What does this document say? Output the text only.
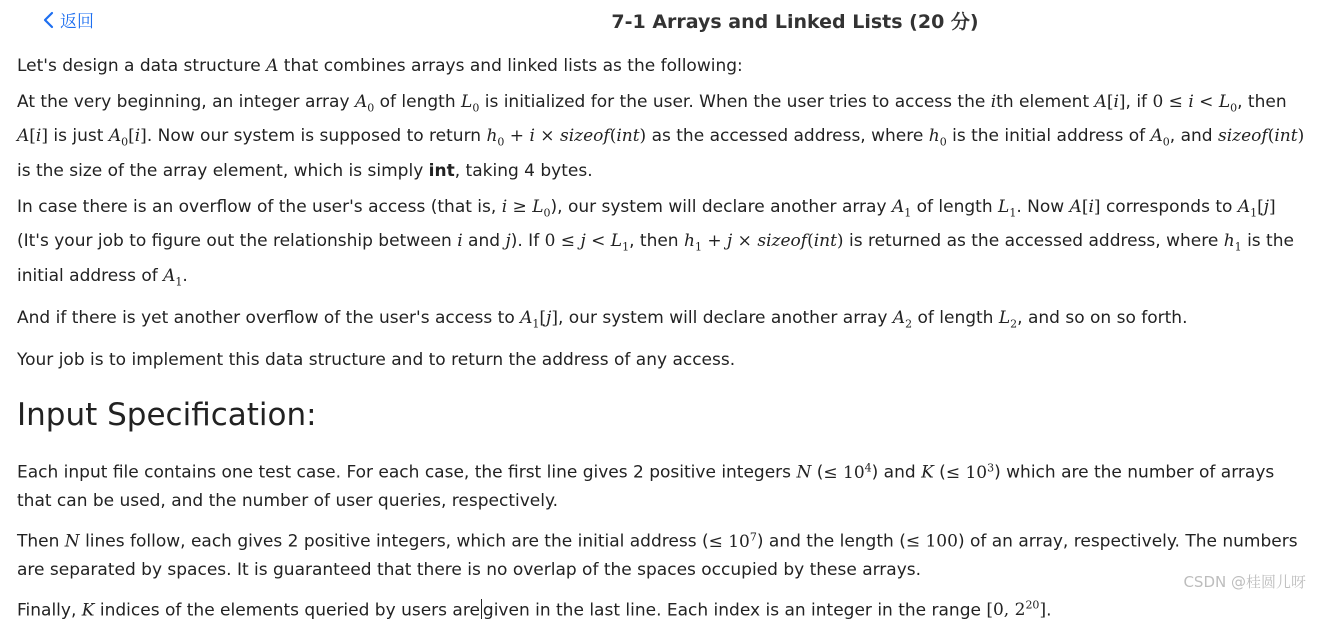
返回	7-1 Arrays and Linked Lists (20 分)

Let's design a data structure A that combines arrays and linked lists as the following:

At the very beginning, an integer array $A_0$ of length $L_0$ is initialized for the user. When the user tries to access the ith element A[i], if $0 \le i < L_0$, then A[i] is just $A_0[i]$. Now our system is supposed to return $h_0 + i$ × sizeof(int) as the accessed address, where $h_0$ is the initial address of $A_0$, and sizeof(int) is the size of the array element, which is simply int, taking 4 bytes.

In case there is an overflow of the user's access (that is, $i \ge L_0$), our system will declare another array $A_1$ of length $L_1$. Now A[i] corresponds to $A_1[j]$ (It's your job to figure out the relationship between i and j). If $0 \le j < L_1$, then $h_1 + j$ × sizeof(int) is returned as the accessed address, where $h_1$ is the initial address of $A_1$.

And if there is yet another overflow of the user's access to $A_1[j]$, our system will declare another array $A_2$ of length $L_2$, and so on so forth.

Your job is to implement this data structure and to return the address of any access.

Input Specification:

Each input file contains one test case. For each case, the first line gives 2 positive integers N (≤ $10^4$) and K (≤ $10^3$) which are the number of arrays that can be used, and the number of user queries, respectively.

Then N lines follow, each gives 2 positive integers, which are the initial address (≤ $10^7$) and the length (≤ 100) of an array, respectively. The numbers are separated by spaces. It is guaranteed that there is no overlap of the spaces occupied by these arrays.

Finally, K indices of the elements queried by users are given in the last line. Each index is an integer in the range [0, $2^{20}$].	CSDN @桂圆儿呀
